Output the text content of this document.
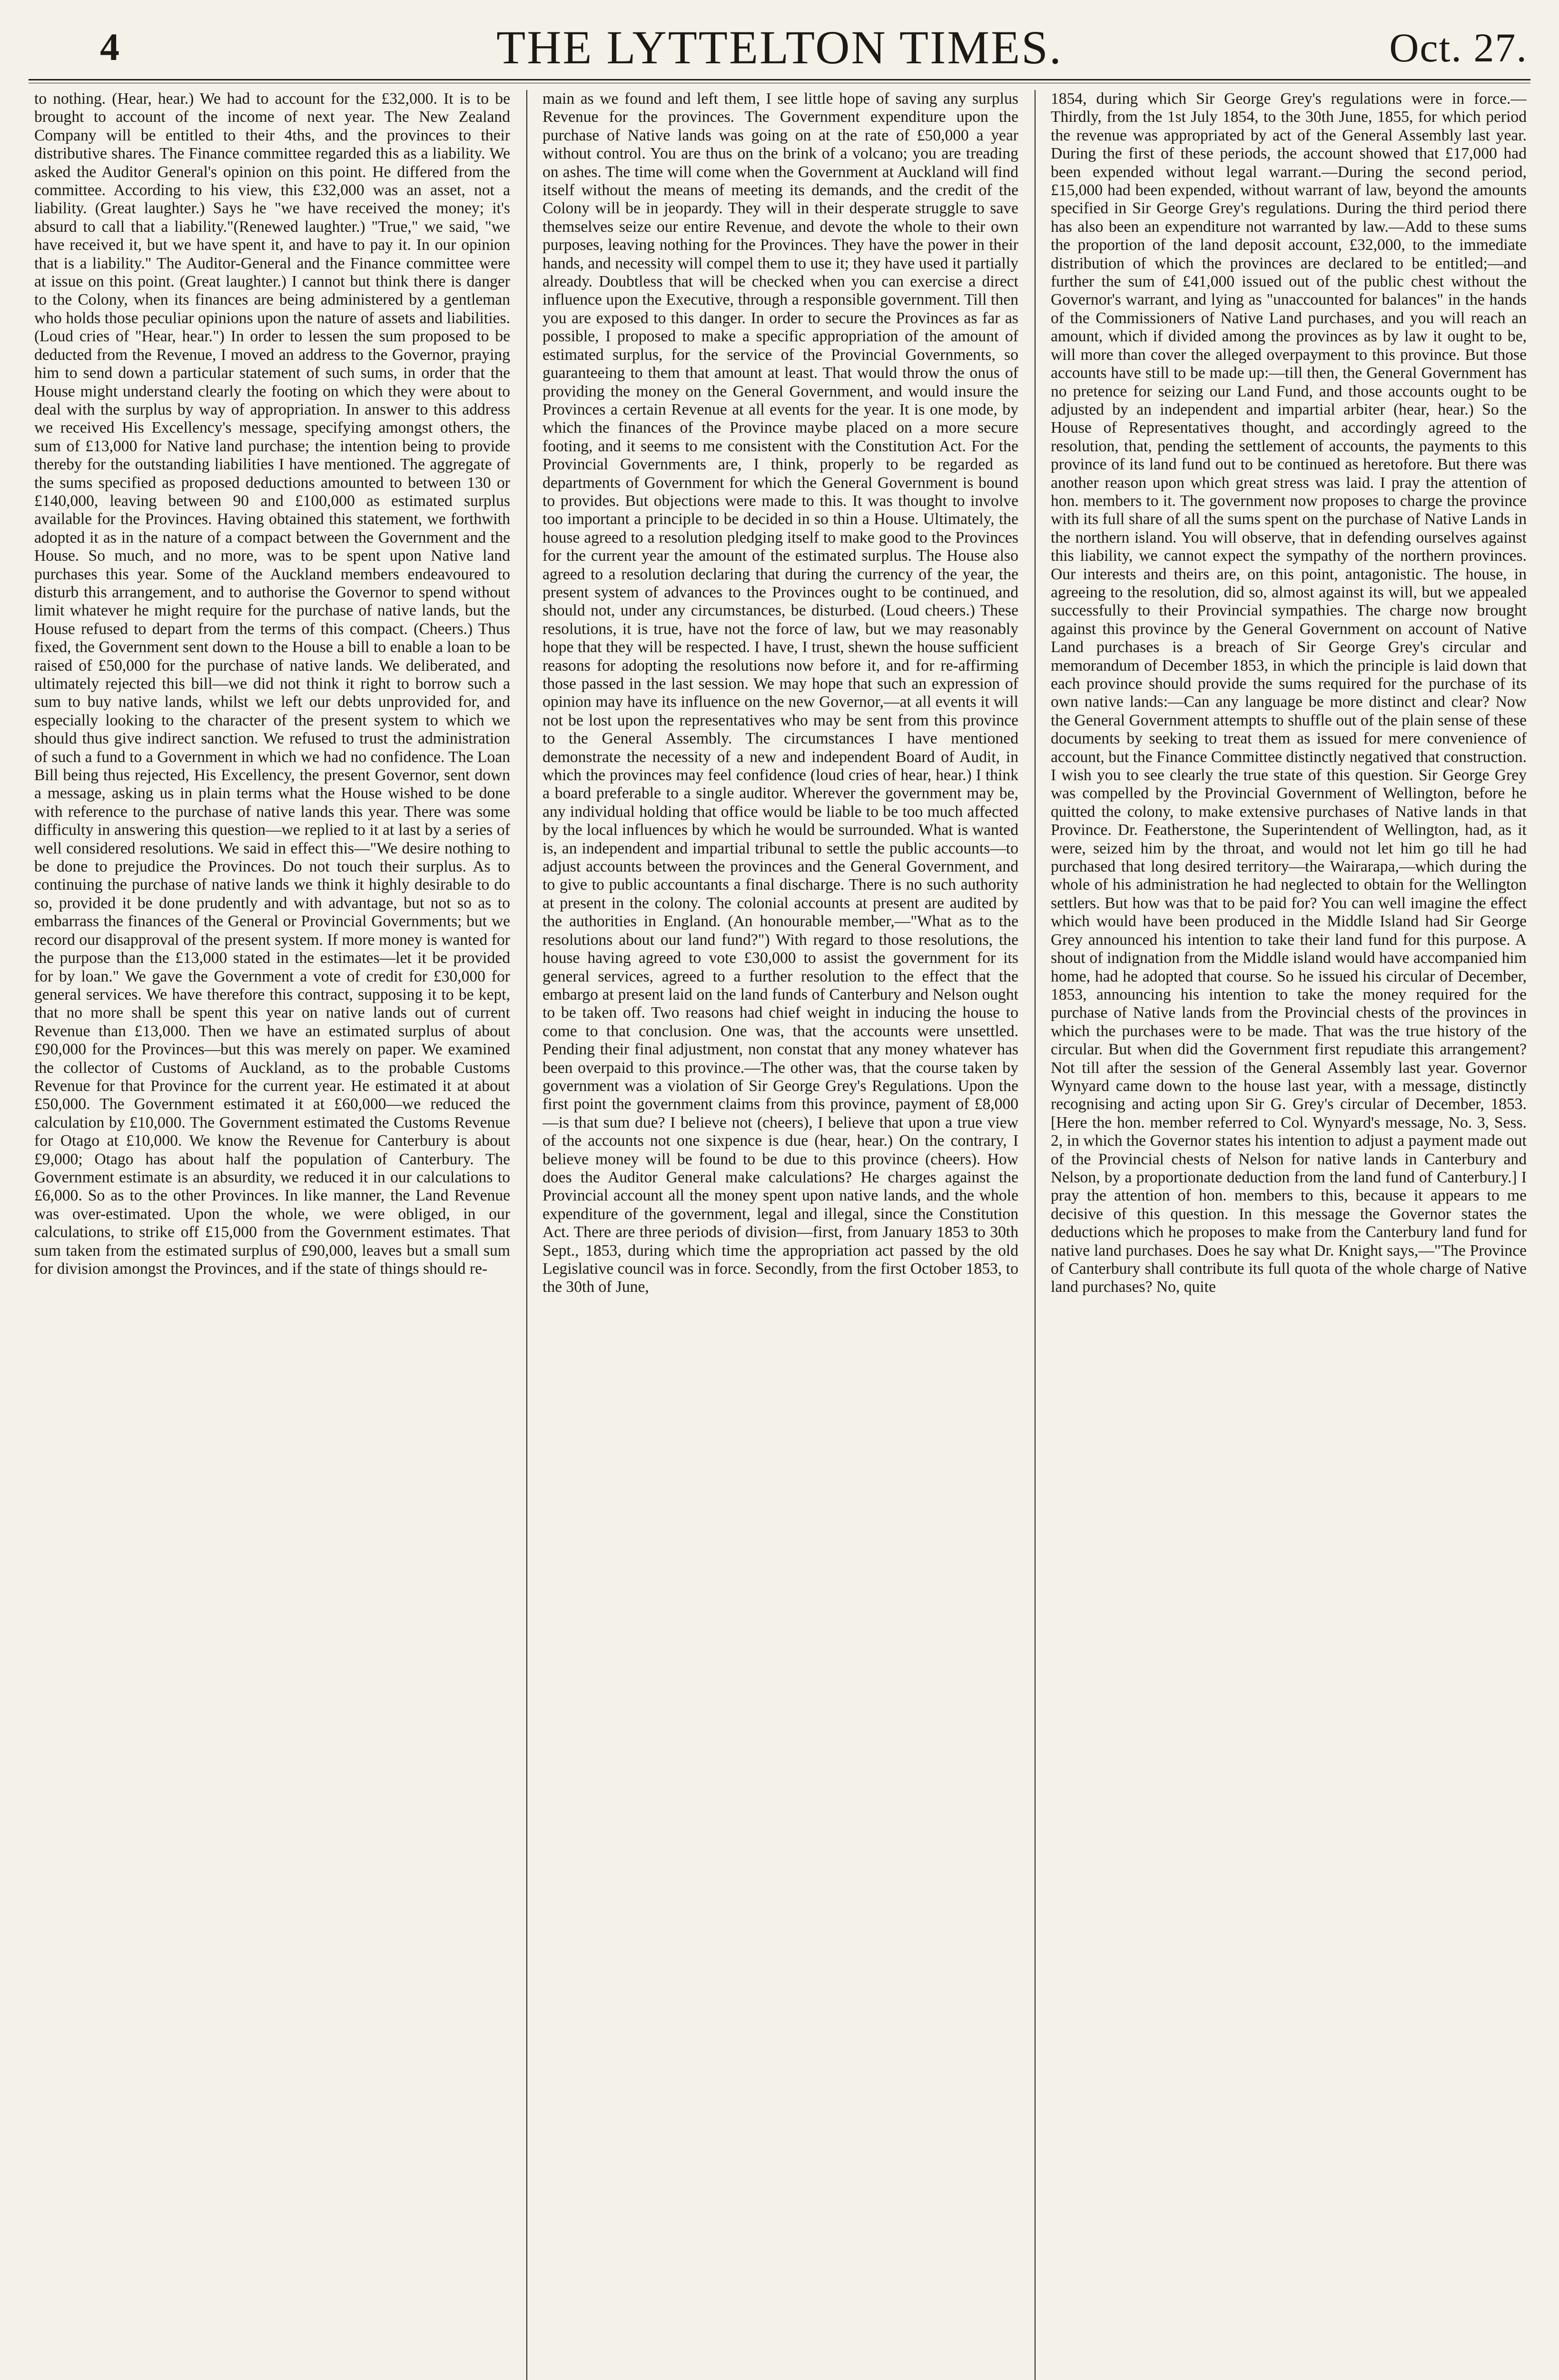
4	THE LYTTELTON TIMES.	Oct. 27.

to nothing. (Hear, hear.) We had to account for the £32,000. It is to be brought to account of the income of next year. The New Zealand Company will be entitled to their 4ths, and the provinces to their distributive shares. The Finance committee regarded this as a liability. We asked the Auditor General's opinion on this point. He differed from the committee. According to his view, this £32,000 was an asset, not a liability. (Great laughter.) Says he "we have received the money; it's absurd to call that a liability."(Renewed laughter.) "True," we said, "we have received it, but we have spent it, and have to pay it. In our opinion that is a liability." The Auditor-General and the Finance committee were at issue on this point. (Great laughter.) I cannot but think there is danger to the Colony, when its finances are being administered by a gentleman who holds those peculiar opinions upon the nature of assets and liabilities. (Loud cries of "Hear, hear.") In order to lessen the sum proposed to be deducted from the Revenue, I moved an address to the Governor, praying him to send down a particular statement of such sums, in order that the House might understand clearly the footing on which they were about to deal with the surplus by way of appropriation. In answer to this address we received His Excellency's message, specifying amongst others, the sum of £13,000 for Native land purchase; the intention being to provide thereby for the outstanding liabilities I have mentioned. The aggregate of the sums specified as proposed deductions amounted to between 130 or £140,000, leaving between 90 and £100,000 as estimated surplus available for the Provinces. Having obtained this statement, we forthwith adopted it as in the nature of a compact between the Government and the House. So much, and no more, was to be spent upon Native land purchases this year. Some of the Auckland members endeavoured to disturb this arrangement, and to authorise the Governor to spend without limit whatever he might require for the purchase of native lands, but the House refused to depart from the terms of this compact. (Cheers.) Thus fixed, the Government sent down to the House a bill to enable a loan to be raised of £50,000 for the purchase of native lands. We deliberated, and ultimately rejected this bill—we did not think it right to borrow such a sum to buy native lands, whilst we left our debts unprovided for, and especially looking to the character of the present system to which we should thus give indirect sanction. We refused to trust the administration of such a fund to a Government in which we had no confidence. The Loan Bill being thus rejected, His Excellency, the present Governor, sent down a message, asking us in plain terms what the House wished to be done with reference to the purchase of native lands this year. There was some difficulty in answering this question—we replied to it at last by a series of well considered resolutions. We said in effect this—"We desire nothing to be done to prejudice the Provinces. Do not touch their surplus. As to continuing the purchase of native lands we think it highly desirable to do so, provided it be done prudently and with advantage, but not so as to embarrass the finances of the General or Provincial Governments; but we record our disapproval of the present system. If more money is wanted for the purpose than the £13,000 stated in the estimates—let it be provided for by loan." We gave the Government a vote of credit for £30,000 for general services. We have therefore this contract, supposing it to be kept, that no more shall be spent this year on native lands out of current Revenue than £13,000. Then we have an estimated surplus of about £90,000 for the Provinces—but this was merely on paper. We examined the collector of Customs of Auckland, as to the probable Customs Revenue for that Province for the current year. He estimated it at about £50,000. The Government estimated it at £60,000—we reduced the calculation by £10,000. The Government estimated the Customs Revenue for Otago at £10,000. We know the Revenue for Canterbury is about £9,000; Otago has about half the population of Canterbury. The Government estimate is an absurdity, we reduced it in our calculations to £6,000. So as to the other Provinces. In like manner, the Land Revenue was over-estimated. Upon the whole, we were obliged, in our calculations, to strike off £15,000 from the Government estimates. That sum taken from the estimated surplus of £90,000, leaves but a small sum for division amongst the Provinces, and if the state of things should re-

main as we found and left them, I see little hope of saving any surplus Revenue for the provinces. The Government expenditure upon the purchase of Native lands was going on at the rate of £50,000 a year without control. You are thus on the brink of a volcano; you are treading on ashes. The time will come when the Government at Auckland will find itself without the means of meeting its demands, and the credit of the Colony will be in jeopardy. They will in their desperate struggle to save themselves seize our entire Revenue, and devote the whole to their own purposes, leaving nothing for the Provinces. They have the power in their hands, and necessity will compel them to use it; they have used it partially already. Doubtless that will be checked when you can exercise a direct influence upon the Executive, through a responsible government. Till then you are exposed to this danger. In order to secure the Provinces as far as possible, I proposed to make a specific appropriation of the amount of estimated surplus, for the service of the Provincial Governments, so guaranteeing to them that amount at least. That would throw the onus of providing the money on the General Government, and would insure the Provinces a certain Revenue at all events for the year. It is one mode, by which the finances of the Province maybe placed on a more secure footing, and it seems to me consistent with the Constitution Act. For the Provincial Governments are, I think, properly to be regarded as departments of Government for which the General Government is bound to provides. But objections were made to this. It was thought to involve too important a principle to be decided in so thin a House. Ultimately, the house agreed to a resolution pledging itself to make good to the Provinces for the current year the amount of the estimated surplus. The House also agreed to a resolution declaring that during the currency of the year, the present system of advances to the Provinces ought to be continued, and should not, under any circumstances, be disturbed. (Loud cheers.) These resolutions, it is true, have not the force of law, but we may reasonably hope that they will be respected. I have, I trust, shewn the house sufficient reasons for adopting the resolutions now before it, and for re-affirming those passed in the last session. We may hope that such an expression of opinion may have its influence on the new Governor,—at all events it will not be lost upon the representatives who may be sent from this province to the General Assembly. The circumstances I have mentioned demonstrate the necessity of a new and independent Board of Audit, in which the provinces may feel confidence (loud cries of hear, hear.) I think a board preferable to a single auditor. Wherever the government may be, any individual holding that office would be liable to be too much affected by the local influences by which he would be surrounded. What is wanted is, an independent and impartial tribunal to settle the public accounts—to adjust accounts between the provinces and the General Government, and to give to public accountants a final discharge. There is no such authority at present in the colony. The colonial accounts at present are audited by the authorities in England. (An honourable member,—"What as to the resolutions about our land fund?") With regard to those resolutions, the house having agreed to vote £30,000 to assist the government for its general services, agreed to a further resolution to the effect that the embargo at present laid on the land funds of Canterbury and Nelson ought to be taken off. Two reasons had chief weight in inducing the house to come to that conclusion. One was, that the accounts were unsettled. Pending their final adjustment, non constat that any money whatever has been overpaid to this province.—The other was, that the course taken by government was a violation of Sir George Grey's Regulations. Upon the first point the government claims from this province, payment of £8,000—is that sum due? I believe not (cheers), I believe that upon a true view of the accounts not one sixpence is due (hear, hear.) On the contrary, I believe money will be found to be due to this province (cheers). How does the Auditor General make calculations? He charges against the Provincial account all the money spent upon native lands, and the whole expenditure of the government, legal and illegal, since the Constitution Act. There are three periods of division—first, from January 1853 to 30th Sept., 1853, during which time the appropriation act passed by the old Legislative council was in force. Secondly, from the first October 1853, to the 30th of June,

1854, during which Sir George Grey's regulations were in force.—Thirdly, from the 1st July 1854, to the 30th June, 1855, for which period the revenue was appropriated by act of the General Assembly last year. During the first of these periods, the account showed that £17,000 had been expended without legal warrant.—During the second period, £15,000 had been expended, without warrant of law, beyond the amounts specified in Sir George Grey's regulations. During the third period there has also been an expenditure not warranted by law.—Add to these sums the proportion of the land deposit account, £32,000, to the immediate distribution of which the provinces are declared to be entitled;—and further the sum of £41,000 issued out of the public chest without the Governor's warrant, and lying as "unaccounted for balances" in the hands of the Commissioners of Native Land purchases, and you will reach an amount, which if divided among the provinces as by law it ought to be, will more than cover the alleged overpayment to this province. But those accounts have still to be made up:—till then, the General Government has no pretence for seizing our Land Fund, and those accounts ought to be adjusted by an independent and impartial arbiter (hear, hear.) So the House of Representatives thought, and accordingly agreed to the resolution, that, pending the settlement of accounts, the payments to this province of its land fund out to be continued as heretofore. But there was another reason upon which great stress was laid. I pray the attention of hon. members to it. The government now proposes to charge the province with its full share of all the sums spent on the purchase of Native Lands in the northern island. You will observe, that in defending ourselves against this liability, we cannot expect the sympathy of the northern provinces. Our interests and theirs are, on this point, antagonistic. The house, in agreeing to the resolution, did so, almost against its will, but we appealed successfully to their Provincial sympathies. The charge now brought against this province by the General Government on account of Native Land purchases is a breach of Sir George Grey's circular and memorandum of December 1853, in which the principle is laid down that each province should provide the sums required for the purchase of its own native lands:—Can any language be more distinct and clear? Now the General Government attempts to shuffle out of the plain sense of these documents by seeking to treat them as issued for mere convenience of account, but the Finance Committee distinctly negatived that construction. I wish you to see clearly the true state of this question. Sir George Grey was compelled by the Provincial Government of Wellington, before he quitted the colony, to make extensive purchases of Native lands in that Province. Dr. Featherstone, the Superintendent of Wellington, had, as it were, seized him by the throat, and would not let him go till he had purchased that long desired territory—the Wairarapa,—which during the whole of his administration he had neglected to obtain for the Wellington settlers. But how was that to be paid for? You can well imagine the effect which would have been produced in the Middle Island had Sir George Grey announced his intention to take their land fund for this purpose. A shout of indignation from the Middle island would have accompanied him home, had he adopted that course. So he issued his circular of December, 1853, announcing his intention to take the money required for the purchase of Native lands from the Provincial chests of the provinces in which the purchases were to be made. That was the true history of the circular. But when did the Government first repudiate this arrangement? Not till after the session of the General Assembly last year. Governor Wynyard came down to the house last year, with a message, distinctly recognising and acting upon Sir G. Grey's circular of December, 1853. [Here the hon. member referred to Col. Wynyard's message, No. 3, Sess. 2, in which the Governor states his intention to adjust a payment made out of the Provincial chests of Nelson for native lands in Canterbury and Nelson, by a proportionate deduction from the land fund of Canterbury.] I pray the attention of hon. members to this, because it appears to me decisive of this question. In this message the Governor states the deductions which he proposes to make from the Canterbury land fund for native land purchases. Does he say what Dr. Knight says,—"The Province of Canterbury shall contribute its full quota of the whole charge of Native land purchases? No, quite
